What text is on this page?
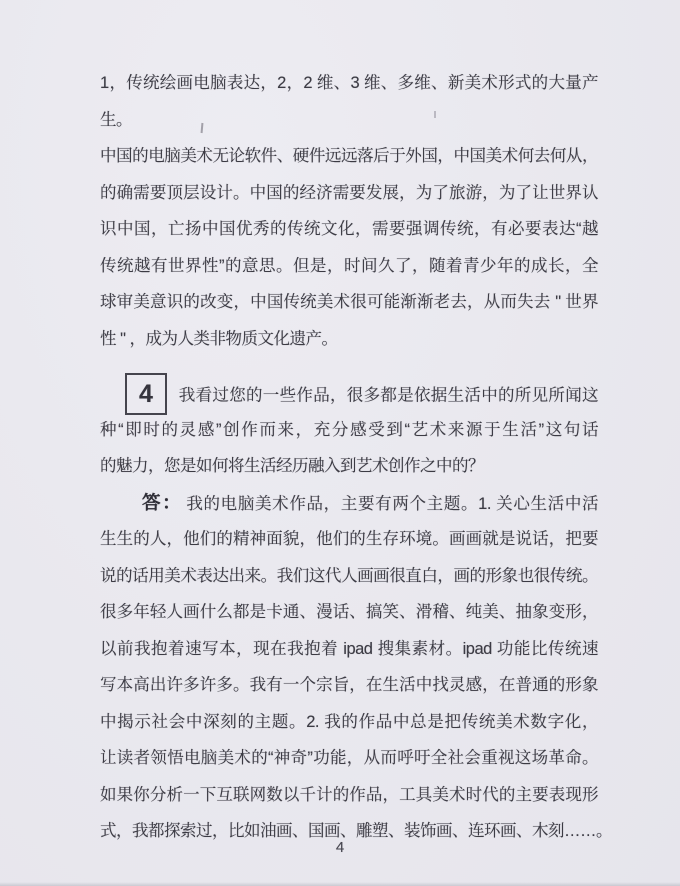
1，传统绘画电脑表达，2，2 维、3 维、多维、新美术形式的大量产
生。
中国的电脑美术无论软件、硬件远远落后于外国，中国美术何去何从，
的确需要顶层设计。中国的经济需要发展，为了旅游，为了让世界认
识中国，亡扬中国优秀的传统文化，需要强调传统，有必要表达“越
传统越有世界性”的意思。但是，时间久了，随着青少年的成长，全
球审美意识的改变，中国传统美术很可能渐渐老去，从而失去 " 世界
性 " ，成为人类非物质文化遗产。
4 我看过您的一些作品，很多都是依据生活中的所见所闻这
种“即时的灵感”创作而来，充分感受到“艺术来源于生活”这句话
的魅力，您是如何将生活经历融入到艺术创作之中的？
答： 我的电脑美术作品，主要有两个主题。1. 关心生活中活
生生的人，他们的精神面貌，他们的生存环境。画画就是说话，把要
说的话用美术表达出来。我们这代人画画很直白，画的形象也很传统。
很多年轻人画什么都是卡通、漫话、搞笑、滑稽、纯美、抽象变形，
以前我抱着速写本，现在我抱着 ipad 搜集素材。ipad 功能比传统速
写本高出许多许多。我有一个宗旨，在生活中找灵感，在普通的形象
中揭示社会中深刻的主题。2. 我的作品中总是把传统美术数字化，
让读者领悟电脑美术的“神奇”功能，从而呼吁全社会重视这场革命。
如果你分析一下互联网数以千计的作品，工具美术时代的主要表现形
式，我都探索过，比如油画、国画、雕塑、装饰画、连环画、木刻……。
4
